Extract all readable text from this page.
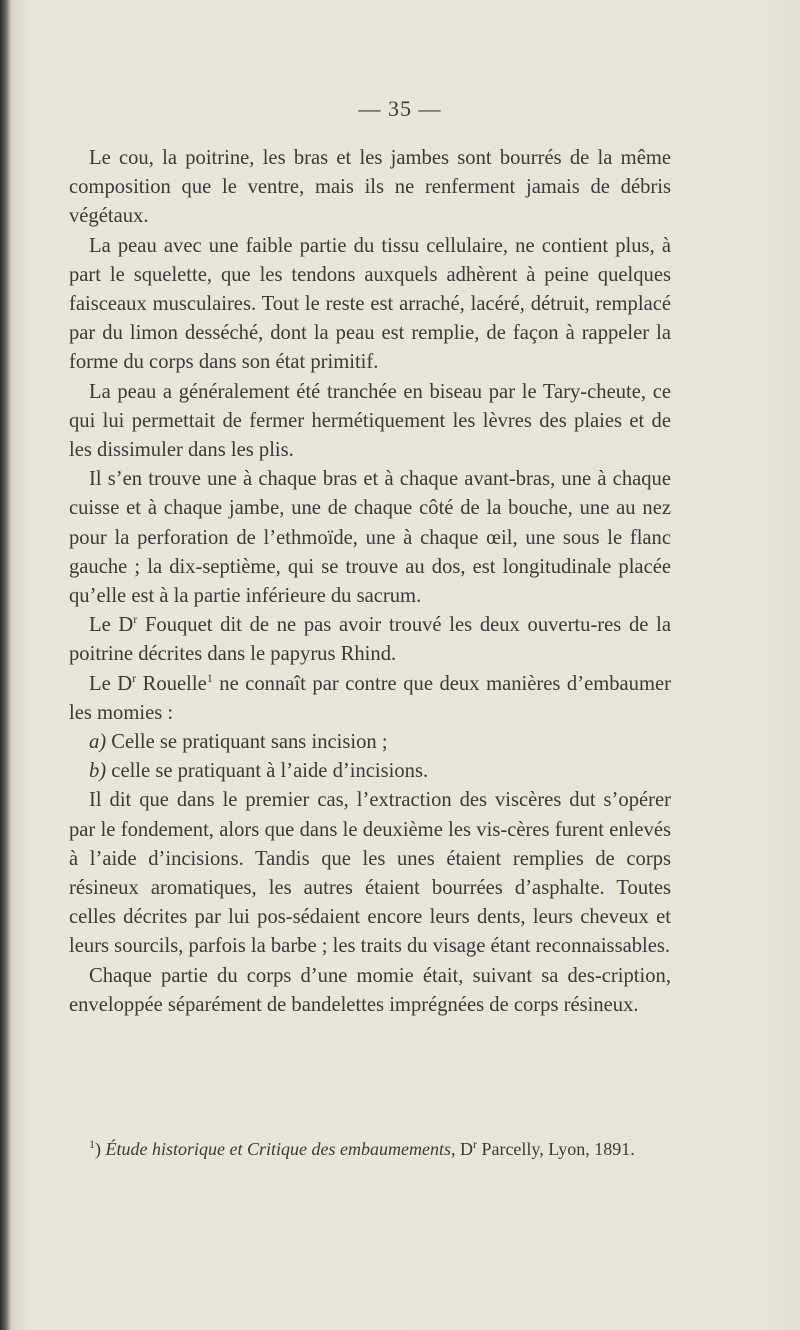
— 35 —

Le cou, la poitrine, les bras et les jambes sont bourrés de la même composition que le ventre, mais ils ne renferment jamais de débris végétaux.

La peau avec une faible partie du tissu cellulaire, ne contient plus, à part le squelette, que les tendons auxquels adhèrent à peine quelques faisceaux musculaires. Tout le reste est arraché, lacéré, détruit, remplacé par du limon desséché, dont la peau est remplie, de façon à rappeler la forme du corps dans son état primitif.

La peau a généralement été tranchée en biseau par le Tary-cheute, ce qui lui permettait de fermer hermétiquement les lèvres des plaies et de les dissimuler dans les plis.

Il s’en trouve une à chaque bras et à chaque avant-bras, une à chaque cuisse et à chaque jambe, une de chaque côté de la bouche, une au nez pour la perforation de l’ethmoïde, une à chaque œil, une sous le flanc gauche ; la dix-septième, qui se trouve au dos, est longitudinale placée qu’elle est à la partie inférieure du sacrum.

Le $D^r$ Fouquet dit de ne pas avoir trouvé les deux ouvertu-res de la poitrine décrites dans le papyrus Rhind.

Le $D^r$ Rouelle$^1$ ne connaît par contre que deux manières d’embaumer les momies :

a) Celle se pratiquant sans incision ;

b) celle se pratiquant à l’aide d’incisions.

Il dit que dans le premier cas, l’extraction des viscères dut s’opérer par le fondement, alors que dans le deuxième les vis-cères furent enlevés à l’aide d’incisions. Tandis que les unes étaient remplies de corps résineux aromatiques, les autres étaient bourrées d’asphalte. Toutes celles décrites par lui pos-sédaient encore leurs dents, leurs cheveux et leurs sourcils, parfois la barbe ; les traits du visage étant reconnaissables.

Chaque partie du corps d’une momie était, suivant sa des-cription, enveloppée séparément de bandelettes imprégnées de corps résineux.

$^1$) Étude historique et Critique des embaumements, $D^r$ Parcelly, Lyon, 1891.
